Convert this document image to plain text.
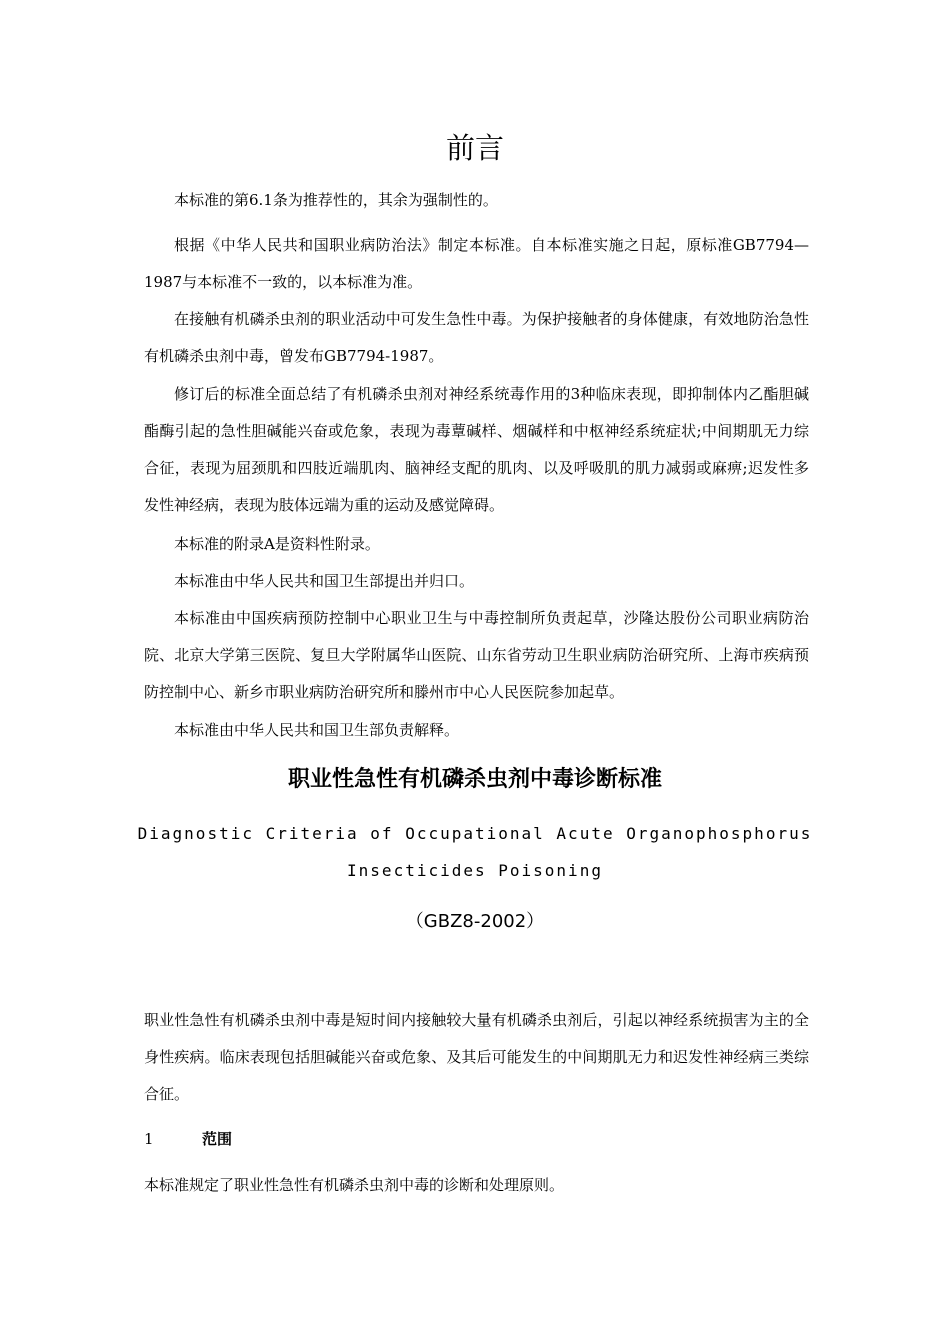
前言

本标准的第6.1条为推荐性的，其余为强制性的。

根据《中华人民共和国职业病防治法》制定本标准。自本标准实施之日起，原标准GB7794—1987与本标准不一致的，以本标准为准。

在接触有机磷杀虫剂的职业活动中可发生急性中毒。为保护接触者的身体健康，有效地防治急性有机磷杀虫剂中毒，曾发布GB7794-1987。

修订后的标准全面总结了有机磷杀虫剂对神经系统毒作用的3种临床表现，即抑制体内乙酯胆碱酯酶引起的急性胆碱能兴奋或危象，表现为毒蕈碱样、烟碱样和中枢神经系统症状;中间期肌无力综合征，表现为屈颈肌和四肢近端肌肉、脑神经支配的肌肉、以及呼吸肌的肌力减弱或麻痹;迟发性多发性神经病，表现为肢体远端为重的运动及感觉障碍。

本标准的附录A是资料性附录。

本标准由中华人民共和国卫生部提出并归口。

本标准由中国疾病预防控制中心职业卫生与中毒控制所负责起草，沙隆达股份公司职业病防治院、北京大学第三医院、复旦大学附属华山医院、山东省劳动卫生职业病防治研究所、上海市疾病预防控制中心、新乡市职业病防治研究所和滕州市中心人民医院参加起草。

本标准由中华人民共和国卫生部负责解释。

职业性急性有机磷杀虫剂中毒诊断标准
Diagnostic Criteria of Occupational Acute Organophosphorus
Insecticides Poisoning
（GBZ8-2002）

职业性急性有机磷杀虫剂中毒是短时间内接触较大量有机磷杀虫剂后，引起以神经系统损害为主的全身性疾病。临床表现包括胆碱能兴奋或危象、及其后可能发生的中间期肌无力和迟发性神经病三类综合征。

1	范围

本标准规定了职业性急性有机磷杀虫剂中毒的诊断和处理原则。
